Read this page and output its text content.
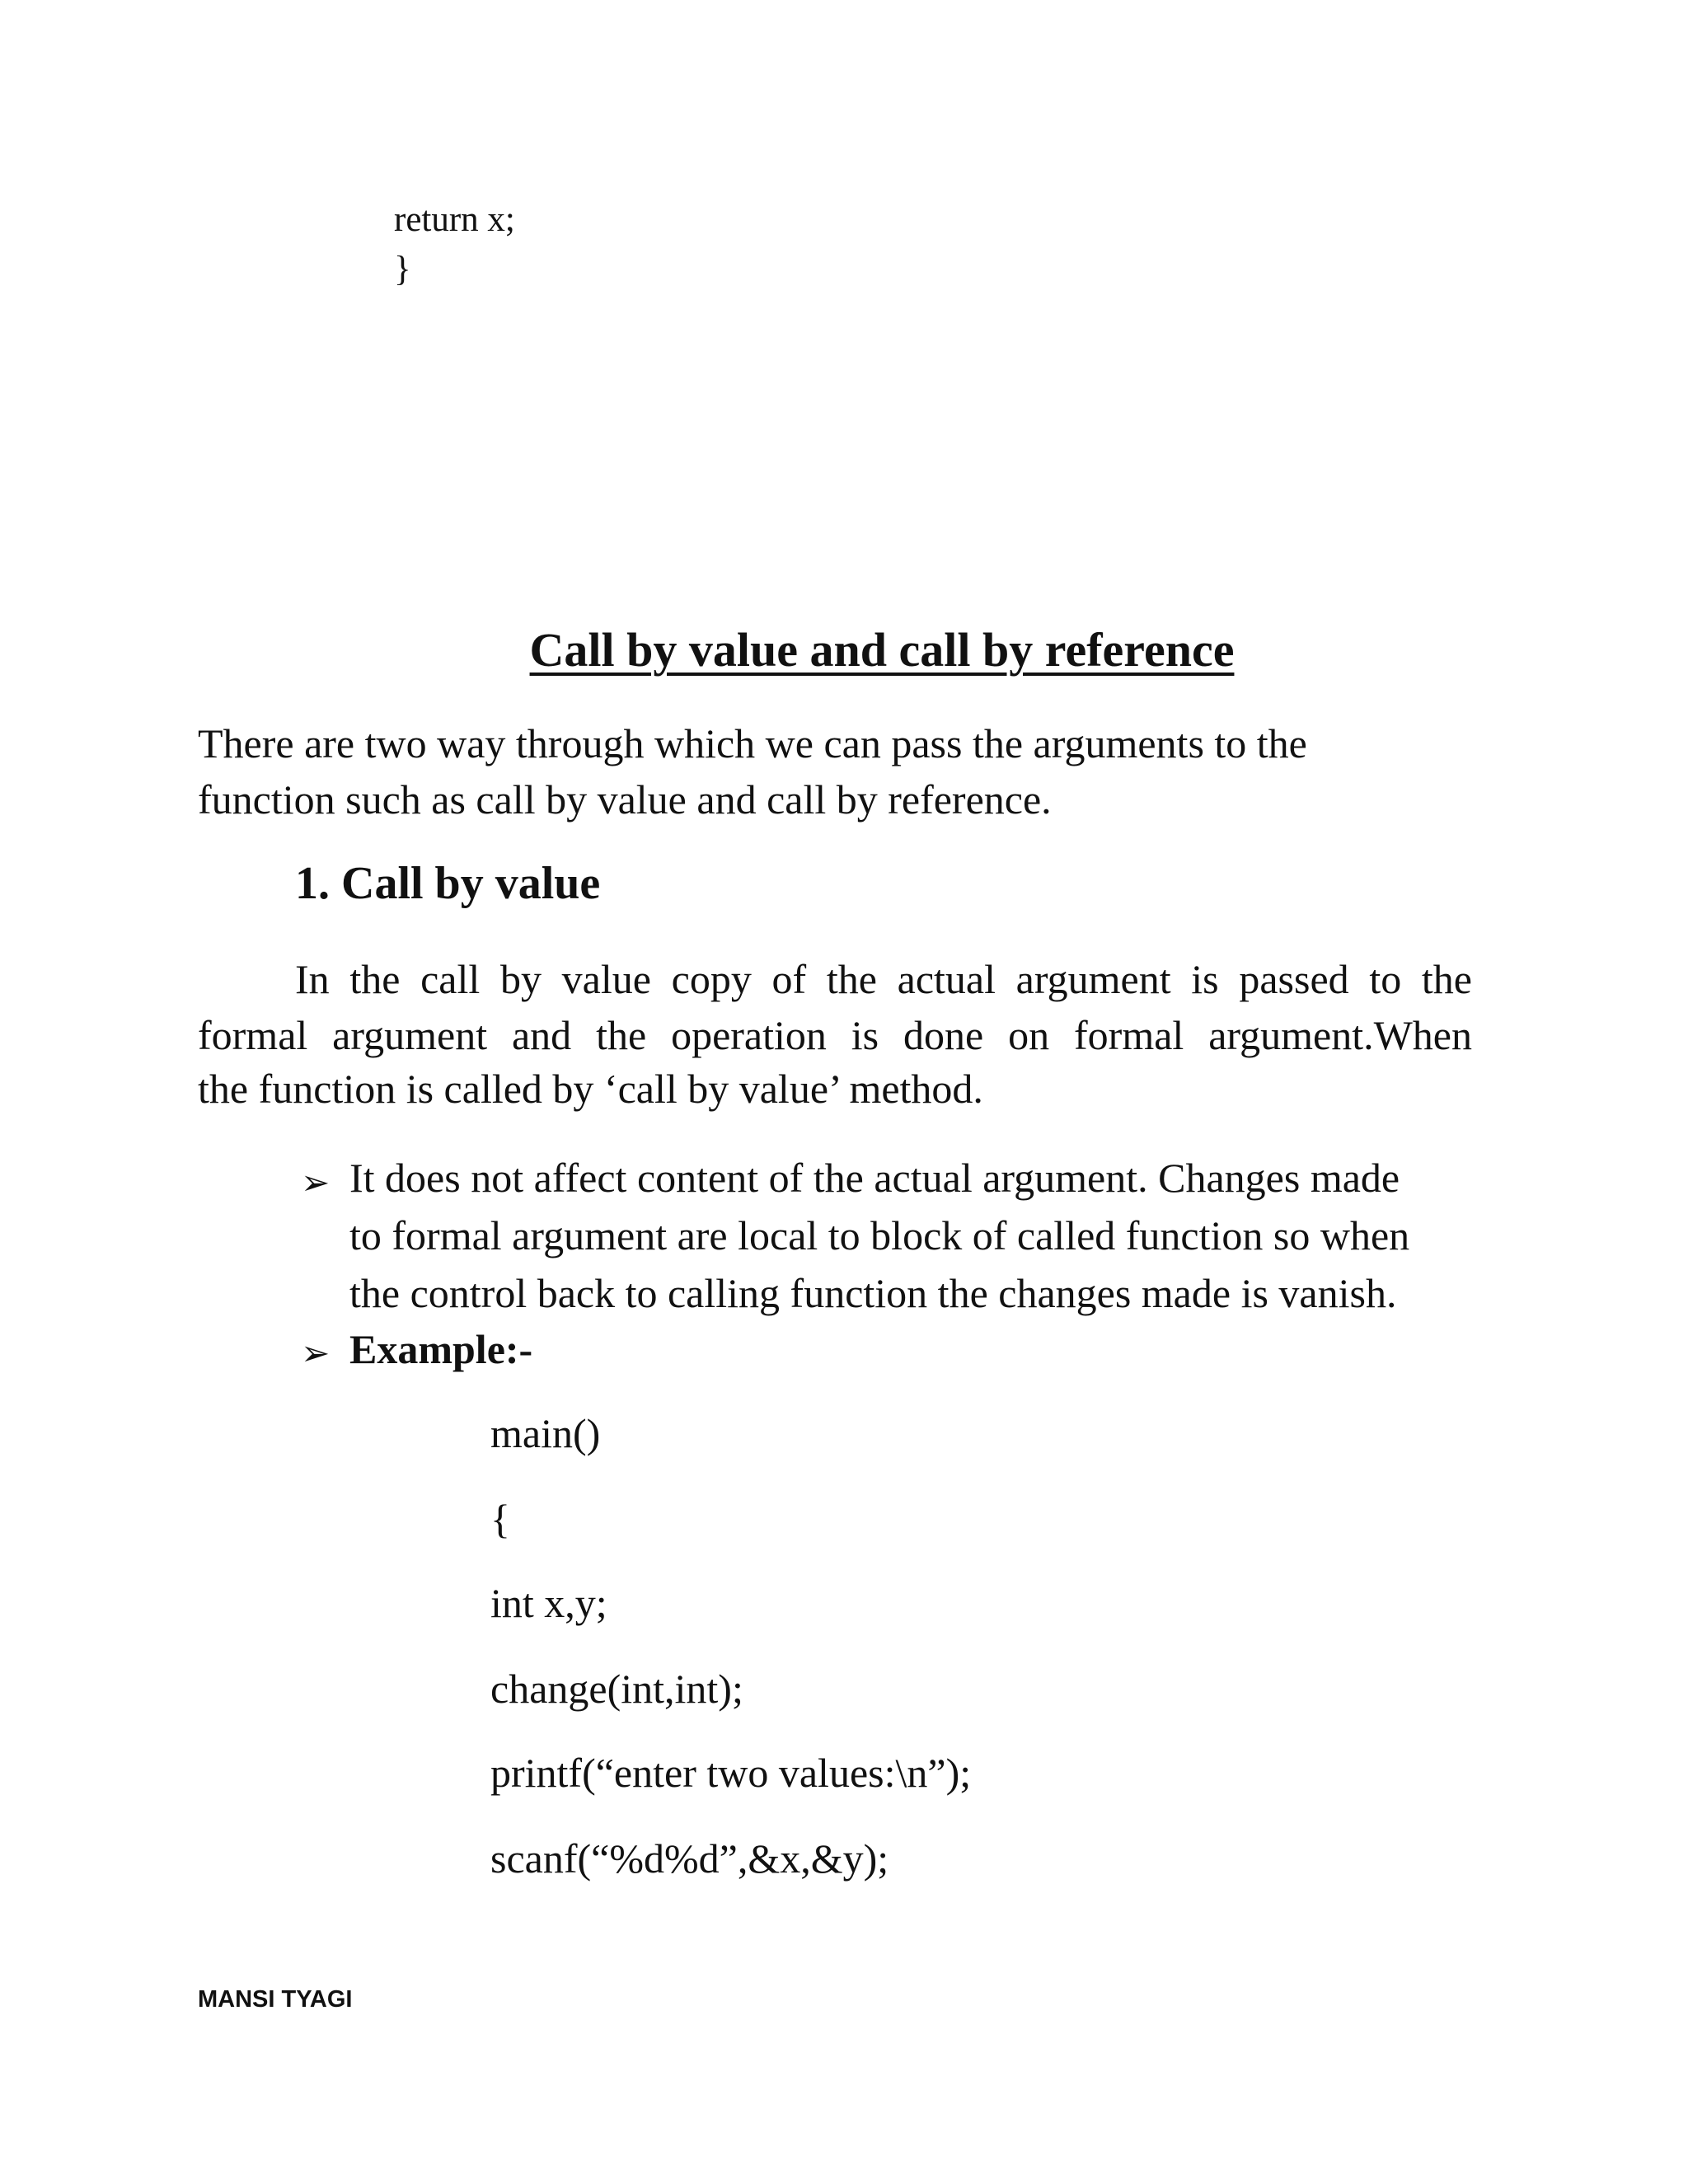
return x;
}
Call by value and call by reference
There are two way through which we can pass the arguments to the
function such as call by value and call by reference.
1. Call by value
In the call by value copy of the actual argument is passed to the
formal argument and the operation is done on formal argument.When
the function is called by ‘call by value’ method.
➢ It does not affect content of the actual argument. Changes made
to formal argument are local to block of called function so when
the control back to calling function the changes made is vanish.
➢ Example:-
main()
{
int x,y;
change(int,int);
printf(“enter two values:\n”);
scanf(“%d%d”,&x,&y);
MANSI TYAGI
